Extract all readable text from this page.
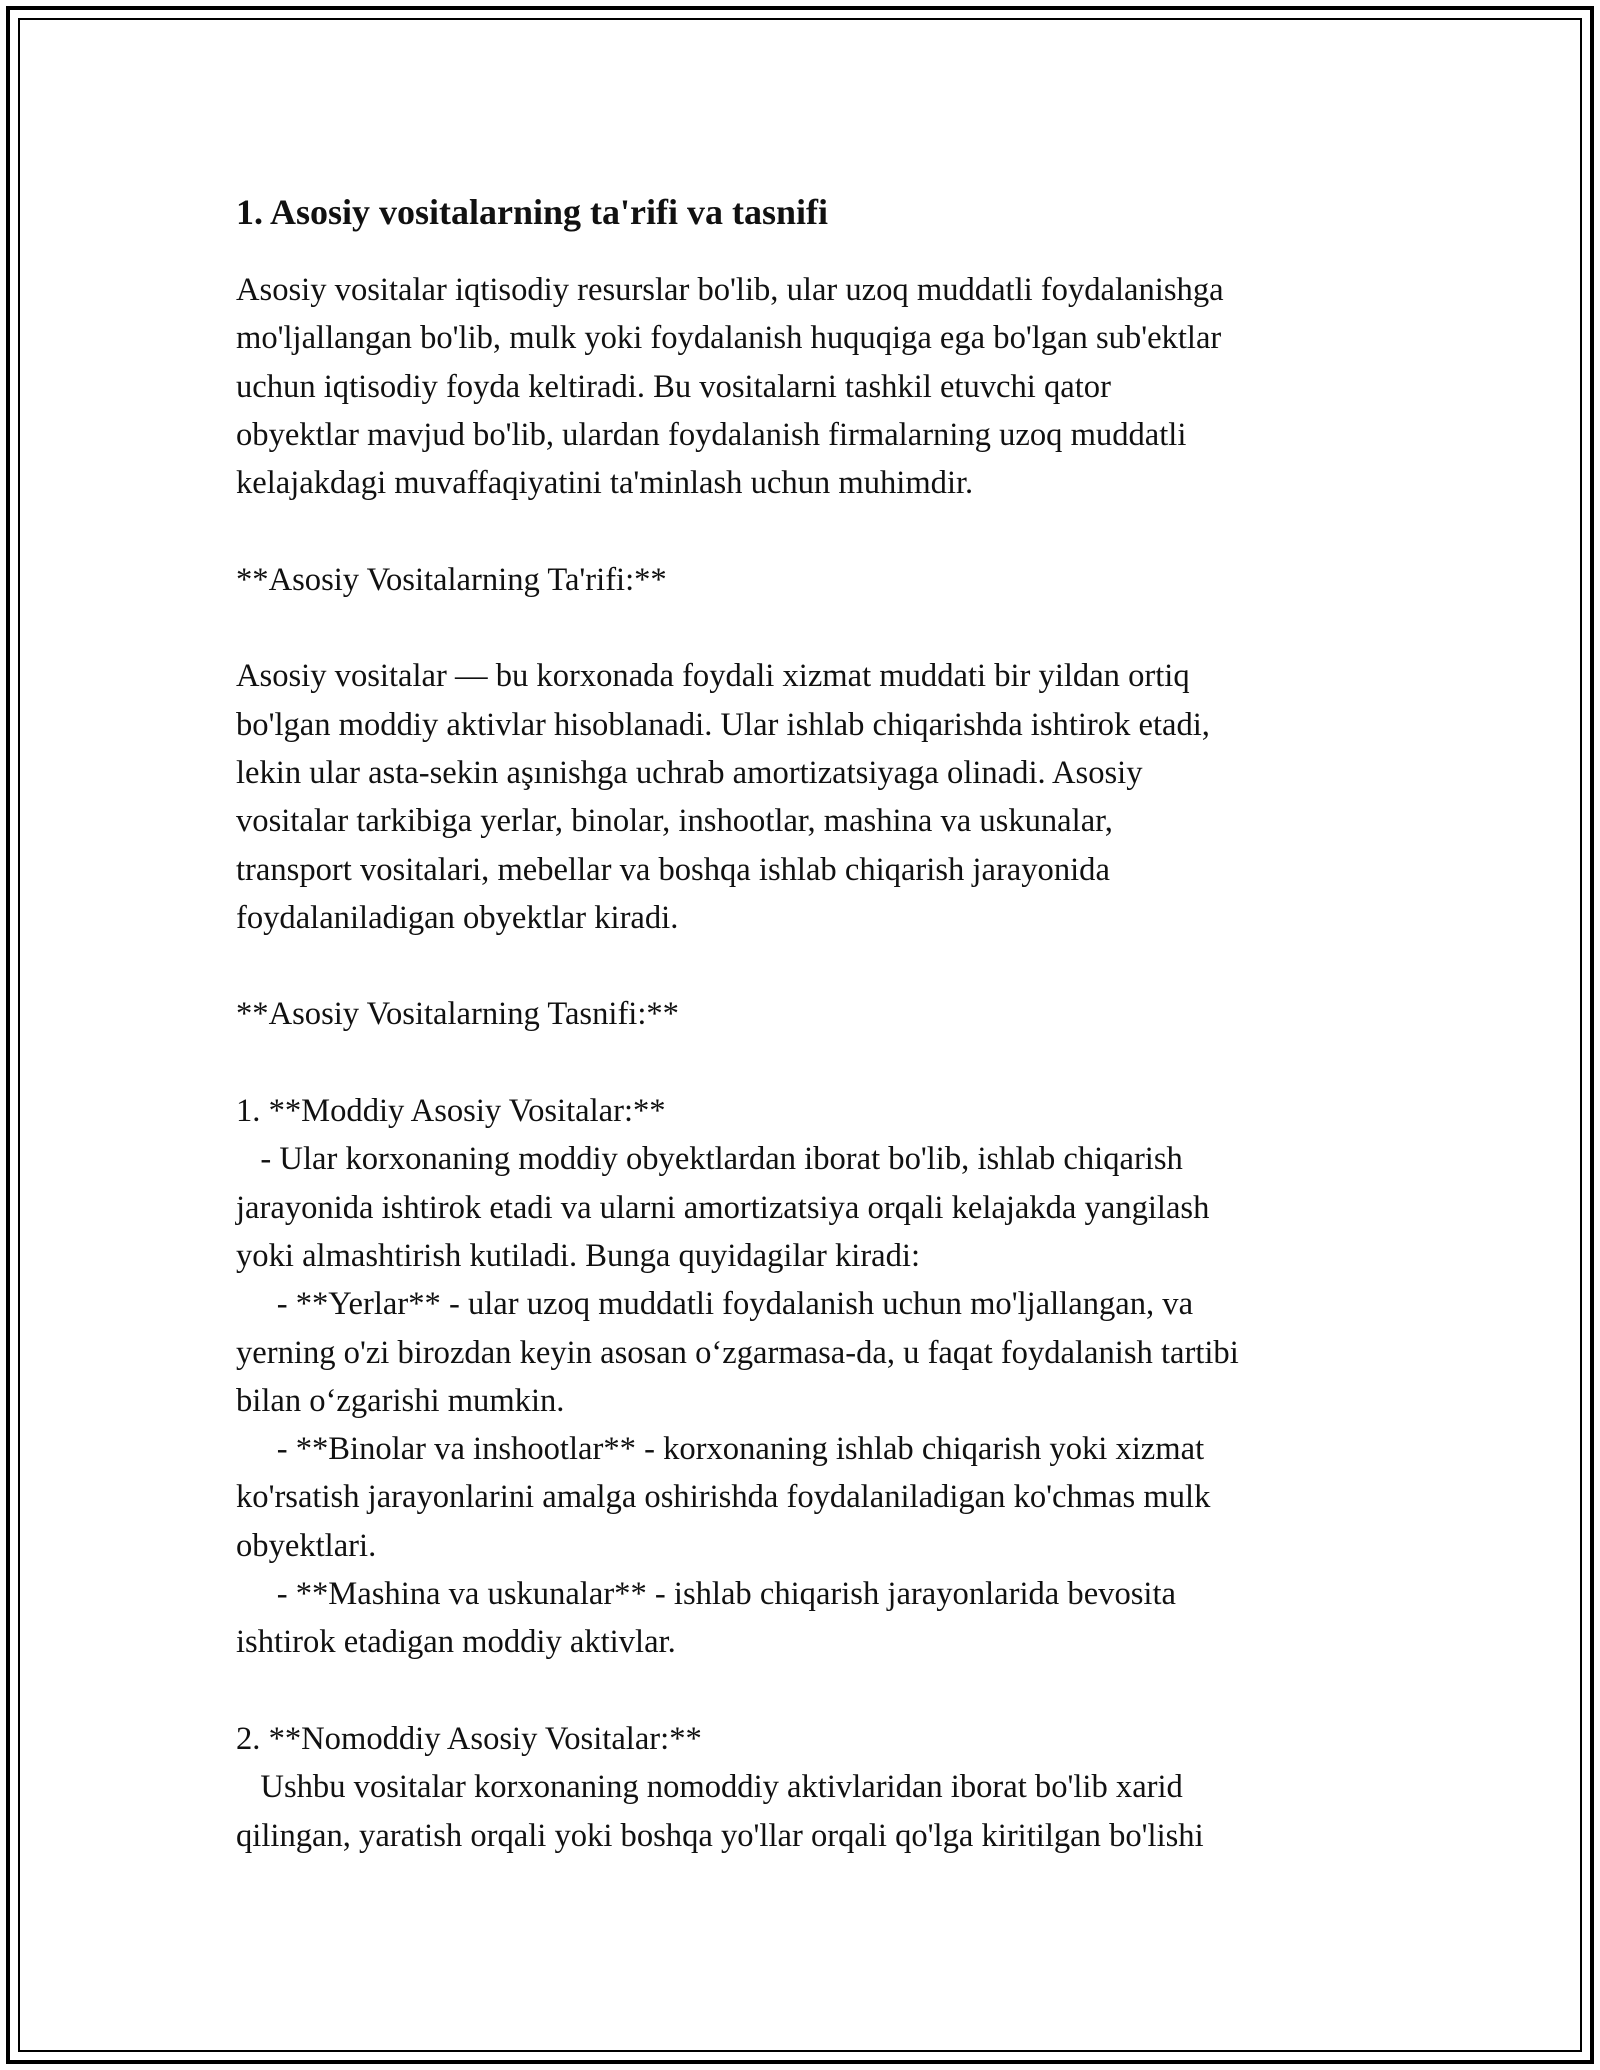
1. Asosiy vositalarning ta'rifi va tasnifi
Asosiy vositalar iqtisodiy resurslar bo'lib, ular uzoq muddatli foydalanishga
mo'ljallangan bo'lib, mulk yoki foydalanish huquqiga ega bo'lgan sub'ektlar
uchun iqtisodiy foyda keltiradi. Bu vositalarni tashkil etuvchi qator
obyektlar mavjud bo'lib, ulardan foydalanish firmalarning uzoq muddatli
kelajakdagi muvaffaqiyatini ta'minlash uchun muhimdir.
**Asosiy Vositalarning Ta'rifi:**
Asosiy vositalar — bu korxonada foydali xizmat muddati bir yildan ortiq
bo'lgan moddiy aktivlar hisoblanadi. Ular ishlab chiqarishda ishtirok etadi,
lekin ular asta-sekin aşınishga uchrab amortizatsiyaga olinadi. Asosiy
vositalar tarkibiga yerlar, binolar, inshootlar, mashina va uskunalar,
transport vositalari, mebellar va boshqa ishlab chiqarish jarayonida
foydalaniladigan obyektlar kiradi.
**Asosiy Vositalarning Tasnifi:**
1. **Moddiy Asosiy Vositalar:**
- Ular korxonaning moddiy obyektlardan iborat bo'lib, ishlab chiqarish
jarayonida ishtirok etadi va ularni amortizatsiya orqali kelajakda yangilash
yoki almashtirish kutiladi. Bunga quyidagilar kiradi:
- **Yerlar** - ular uzoq muddatli foydalanish uchun mo'ljallangan, va
yerning o'zi birozdan keyin asosan o‘zgarmasa-da, u faqat foydalanish tartibi
bilan o‘zgarishi mumkin.
- **Binolar va inshootlar** - korxonaning ishlab chiqarish yoki xizmat
ko'rsatish jarayonlarini amalga oshirishda foydalaniladigan ko'chmas mulk
obyektlari.
- **Mashina va uskunalar** - ishlab chiqarish jarayonlarida bevosita
ishtirok etadigan moddiy aktivlar.
2. **Nomoddiy Asosiy Vositalar:**
Ushbu vositalar korxonaning nomoddiy aktivlaridan iborat bo'lib xarid
qilingan, yaratish orqali yoki boshqa yo'llar orqali qo'lga kiritilgan bo'lishi
